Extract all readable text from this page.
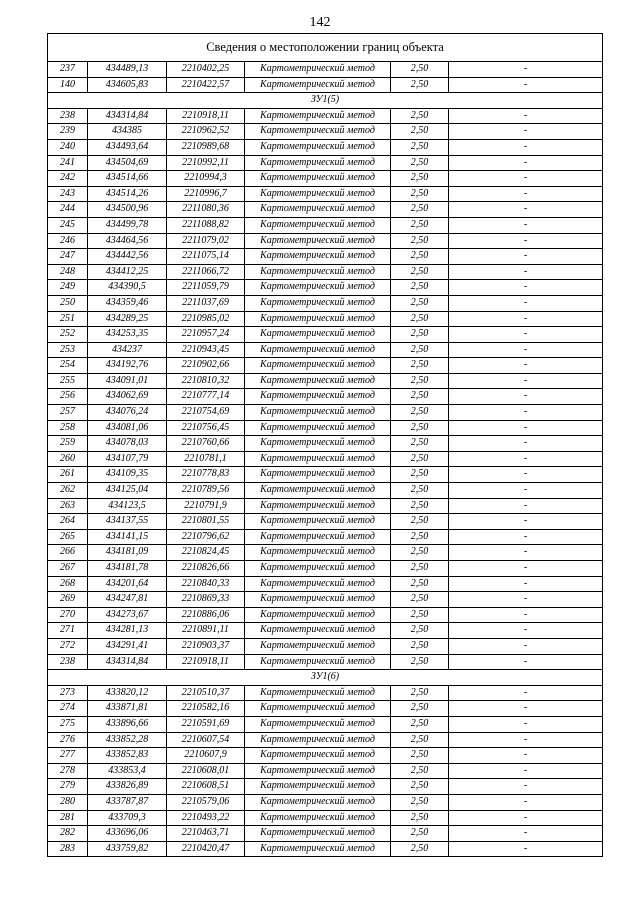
142
Сведения о местоположении границ объекта					
237	434489,13	2210402,25	Картометрический метод	2,50	-
140	434605,83	2210422,57	Картометрический метод	2,50	-
ЗУ1(5)					
238	434314,84	2210918,11	Картометрический метод	2,50	-
239	434385	2210962,52	Картометрический метод	2,50	-
240	434493,64	2210989,68	Картометрический метод	2,50	-
241	434504,69	2210992,11	Картометрический метод	2,50	-
242	434514,66	2210994,3	Картометрический метод	2,50	-
243	434514,26	2210996,7	Картометрический метод	2,50	-
244	434500,96	2211080,36	Картометрический метод	2,50	-
245	434499,78	2211088,82	Картометрический метод	2,50	-
246	434464,56	2211079,02	Картометрический метод	2,50	-
247	434442,56	2211075,14	Картометрический метод	2,50	-
248	434412,25	2211066,72	Картометрический метод	2,50	-
249	434390,5	2211059,79	Картометрический метод	2,50	-
250	434359,46	2211037,69	Картометрический метод	2,50	-
251	434289,25	2210985,02	Картометрический метод	2,50	-
252	434253,35	2210957,24	Картометрический метод	2,50	-
253	434237	2210943,45	Картометрический метод	2,50	-
254	434192,76	2210902,66	Картометрический метод	2,50	-
255	434091,01	2210810,32	Картометрический метод	2,50	-
256	434062,69	2210777,14	Картометрический метод	2,50	-
257	434076,24	2210754,69	Картометрический метод	2,50	-
258	434081,06	2210756,45	Картометрический метод	2,50	-
259	434078,03	2210760,66	Картометрический метод	2,50	-
260	434107,79	2210781,1	Картометрический метод	2,50	-
261	434109,35	2210778,83	Картометрический метод	2,50	-
262	434125,04	2210789,56	Картометрический метод	2,50	-
263	434123,5	2210791,9	Картометрический метод	2,50	-
264	434137,55	2210801,55	Картометрический метод	2,50	-
265	434141,15	2210796,62	Картометрический метод	2,50	-
266	434181,09	2210824,45	Картометрический метод	2,50	-
267	434181,78	2210826,66	Картометрический метод	2,50	-
268	434201,64	2210840,33	Картометрический метод	2,50	-
269	434247,81	2210869,33	Картометрический метод	2,50	-
270	434273,67	2210886,06	Картометрический метод	2,50	-
271	434281,13	2210891,11	Картометрический метод	2,50	-
272	434291,41	2210903,37	Картометрический метод	2,50	-
238	434314,84	2210918,11	Картометрический метод	2,50	-
ЗУ1(6)					
273	433820,12	2210510,37	Картометрический метод	2,50	-
274	433871,81	2210582,16	Картометрический метод	2,50	-
275	433896,66	2210591,69	Картометрический метод	2,50	-
276	433852,28	2210607,54	Картометрический метод	2,50	-
277	433852,83	2210607,9	Картометрический метод	2,50	-
278	433853,4	2210608,01	Картометрический метод	2,50	-
279	433826,89	2210608,51	Картометрический метод	2,50	-
280	433787,87	2210579,06	Картометрический метод	2,50	-
281	433709,3	2210493,22	Картометрический метод	2,50	-
282	433696,06	2210463,71	Картометрический метод	2,50	-
283	433759,82	2210420,47	Картометрический метод	2,50	-
